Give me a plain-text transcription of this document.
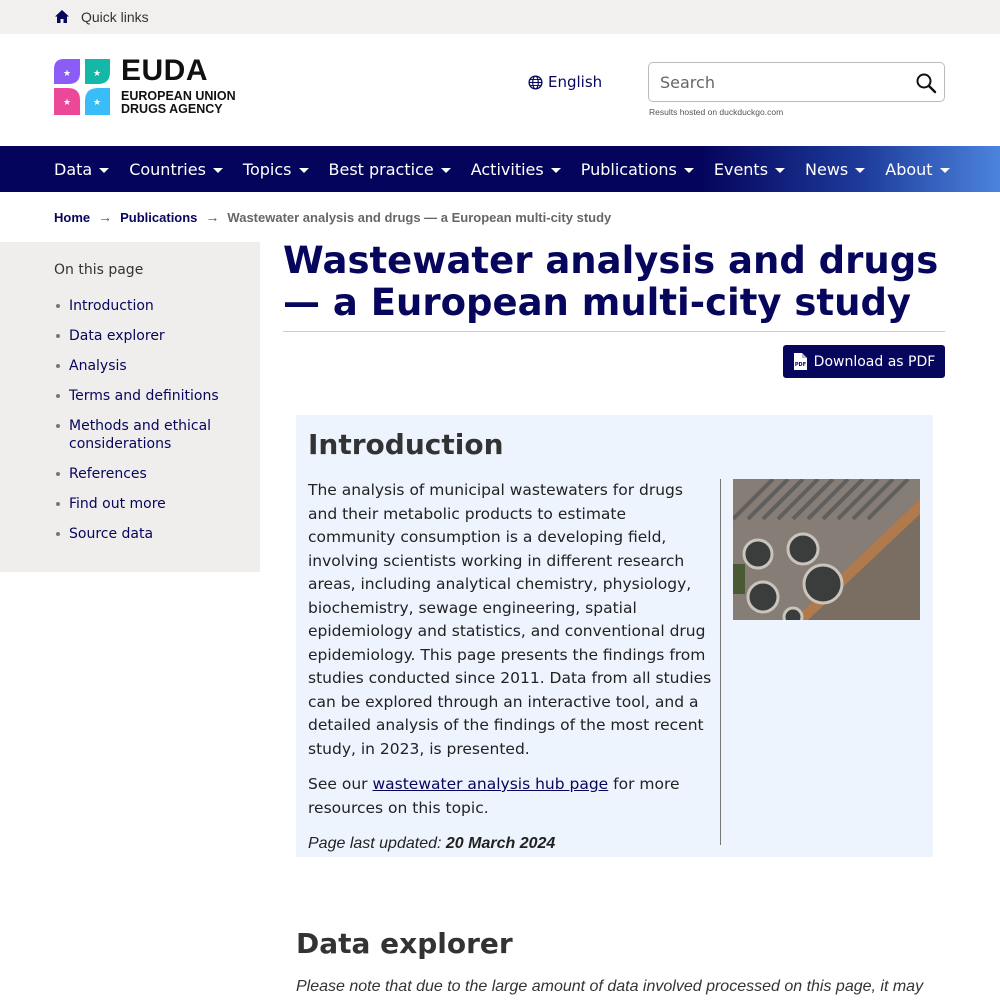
Quick links
★ ★
★ ★
EUDA
EUROPEAN UNION
DRUGS AGENCY
English
Search
Results hosted on duckduckgo.com
Data Countries Topics Best practice Activities Publications Events News About
Home → Publications → Wastewater analysis and drugs — a European multi-city study
On this page
Introduction
Data explorer
Analysis
Terms and definitions
Methods and ethical considerations
References
Find out more
Source data
Wastewater analysis and drugs — a European multi-city study
PDF Download as PDF
Introduction

The analysis of municipal wastewaters for drugs and their metabolic products to estimate community consumption is a developing field, involving scientists working in different research areas, including analytical chemistry, physiology, biochemistry, sewage engineering, spatial epidemiology and statistics, and conventional drug epidemiology. This page presents the findings from studies conducted since 2011. Data from all studies can be explored through an interactive tool, and a detailed analysis of the findings of the most recent study, in 2023, is presented.

See our wastewater analysis hub page for more resources on this topic.

Page last updated: 20 March 2024

Data explorer

Please note that due to the large amount of data involved processed on this page, it may
